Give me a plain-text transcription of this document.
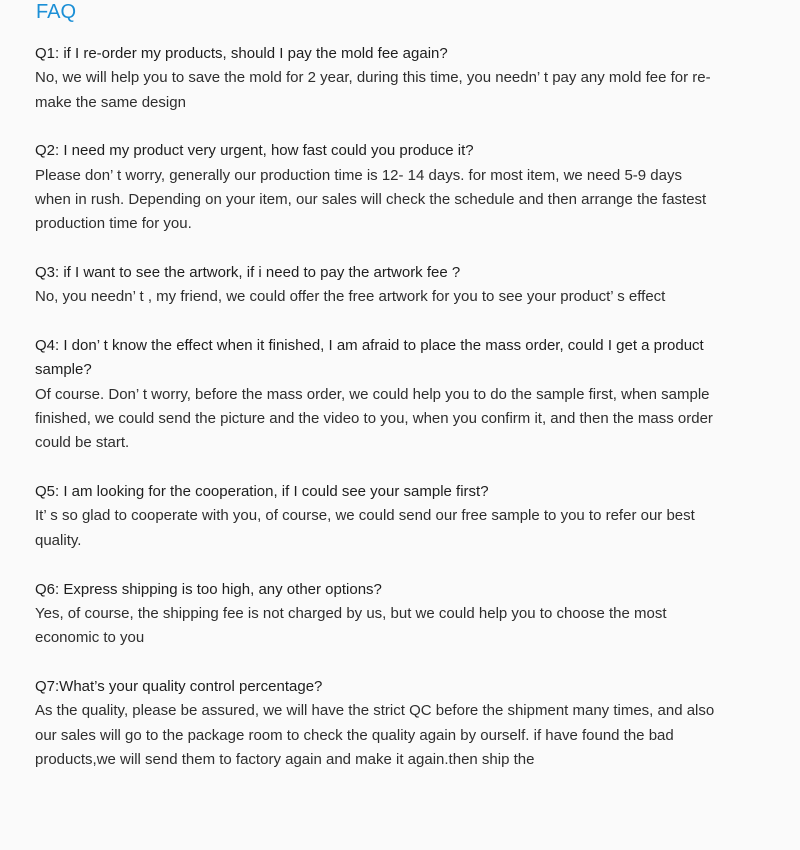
FAQ

Q1: if I re-order my products, should I pay the mold fee again?

No, we will help you to save the mold for 2 year, during this time, you needn’ t pay any mold fee for re-make the same design

Q2: I need my product very urgent, how fast could you produce it?

Please don’ t worry, generally our production time is 12- 14 days. for most item, we need 5-9 days when in rush. Depending on your item, our sales will check the schedule and then arrange the fastest production time for you.

Q3: if I want to see the artwork, if i need to pay the artwork fee ?

No, you needn’ t , my friend, we could offer the free artwork for you to see your product’ s effect

Q4: I don’ t know the effect when it finished, I am afraid to place the mass order, could I get a product sample?

Of course. Don’ t worry, before the mass order, we could help you to do the sample first, when sample finished, we could send the picture and the video to you, when you confirm it, and then the mass order could be start.

Q5: I am looking for the cooperation, if I could see your sample first?

It’ s so glad to cooperate with you, of course, we could send our free sample to you to refer our best quality.

Q6: Express shipping is too high, any other options?

Yes, of course, the shipping fee is not charged by us, but we could help you to choose the most economic to you

Q7:What’s your quality control percentage?

As the quality, please be assured, we will have the strict QC before the shipment many times, and also our sales will go to the package room to check the quality again by ourself. if have found the bad products,we will send them to factory again and make it again.then ship the
